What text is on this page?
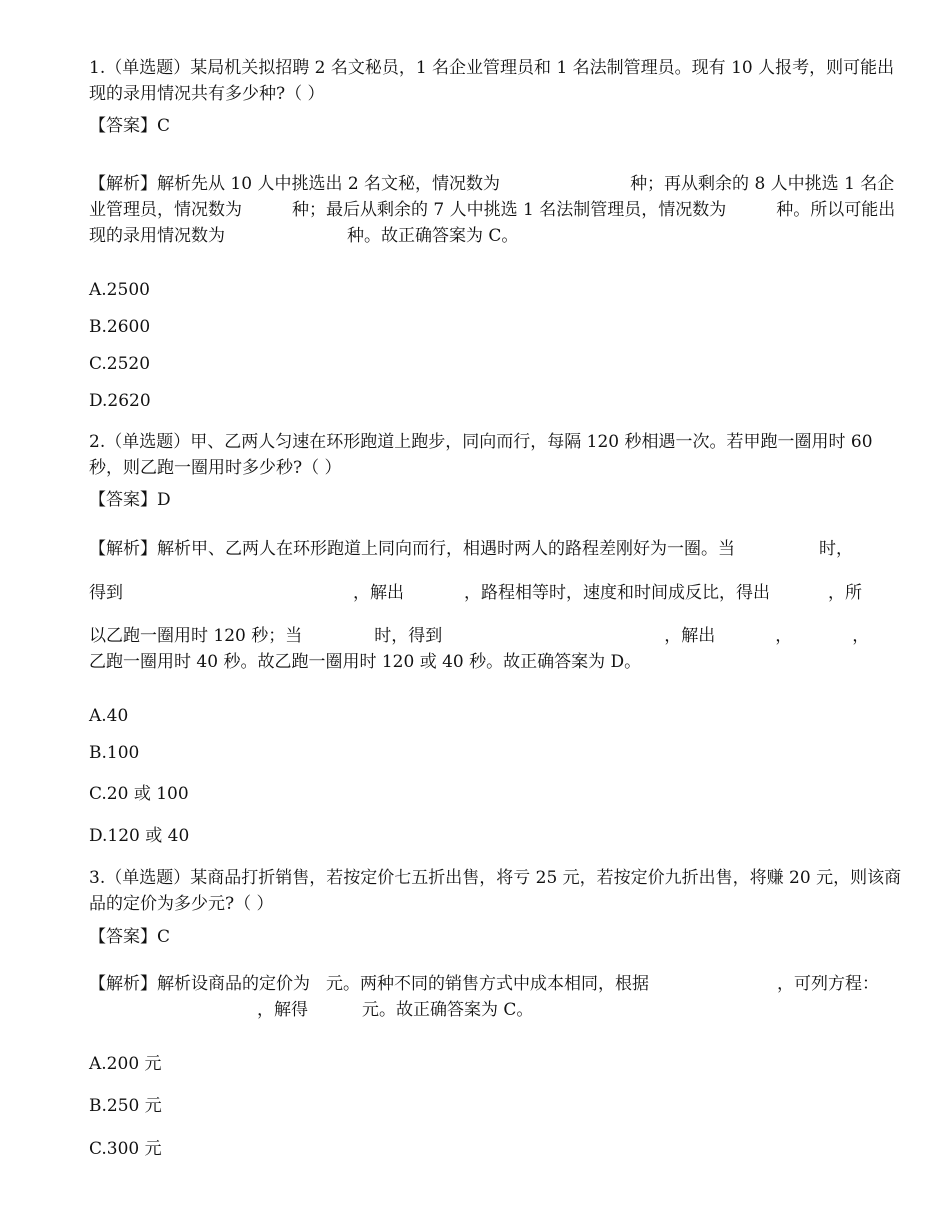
1.（单选题）某局机关拟招聘 2 名文秘员，1 名企业管理员和 1 名法制管理员。现有 10 人报考，则可能出现的录用情况共有多少种?（ ）

【答案】C

【解析】解析先从 10 人中挑选出 2 名文秘，情况数为	种；再从剩余的 8 人中挑选 1 名企业管理员，情况数为	种；最后从剩余的 7 人中挑选 1 名法制管理员，情况数为	种。所以可能出现的录用情况数为	种。故正确答案为 C。

A.2500

B.2600

C.2520

D.2620

2.（单选题）甲、乙两人匀速在环形跑道上跑步，同向而行，每隔 120 秒相遇一次。若甲跑一圈用时 60 秒，则乙跑一圈用时多少秒?（ ）

【答案】D

【解析】解析甲、乙两人在环形跑道上同向而行，相遇时两人的路程差刚好为一圈。当	时，

得到	，解出	，路程相等时，速度和时间成反比，得出	，所

以乙跑一圈用时 120 秒；当	时，得到	，解出	，	，

乙跑一圈用时 40 秒。故乙跑一圈用时 120 或 40 秒。故正确答案为 D。

A.40

B.100

C.20 或 100

D.120 或 40

3.（单选题）某商品打折销售，若按定价七五折出售，将亏 25 元，若按定价九折出售，将赚 20 元，则该商品的定价为多少元?（ ）

【答案】C

【解析】解析设商品的定价为 元。两种不同的销售方式中成本相同，根据	，可列方程：，解得	元。故正确答案为 C。

A.200 元

B.250 元

C.300 元
